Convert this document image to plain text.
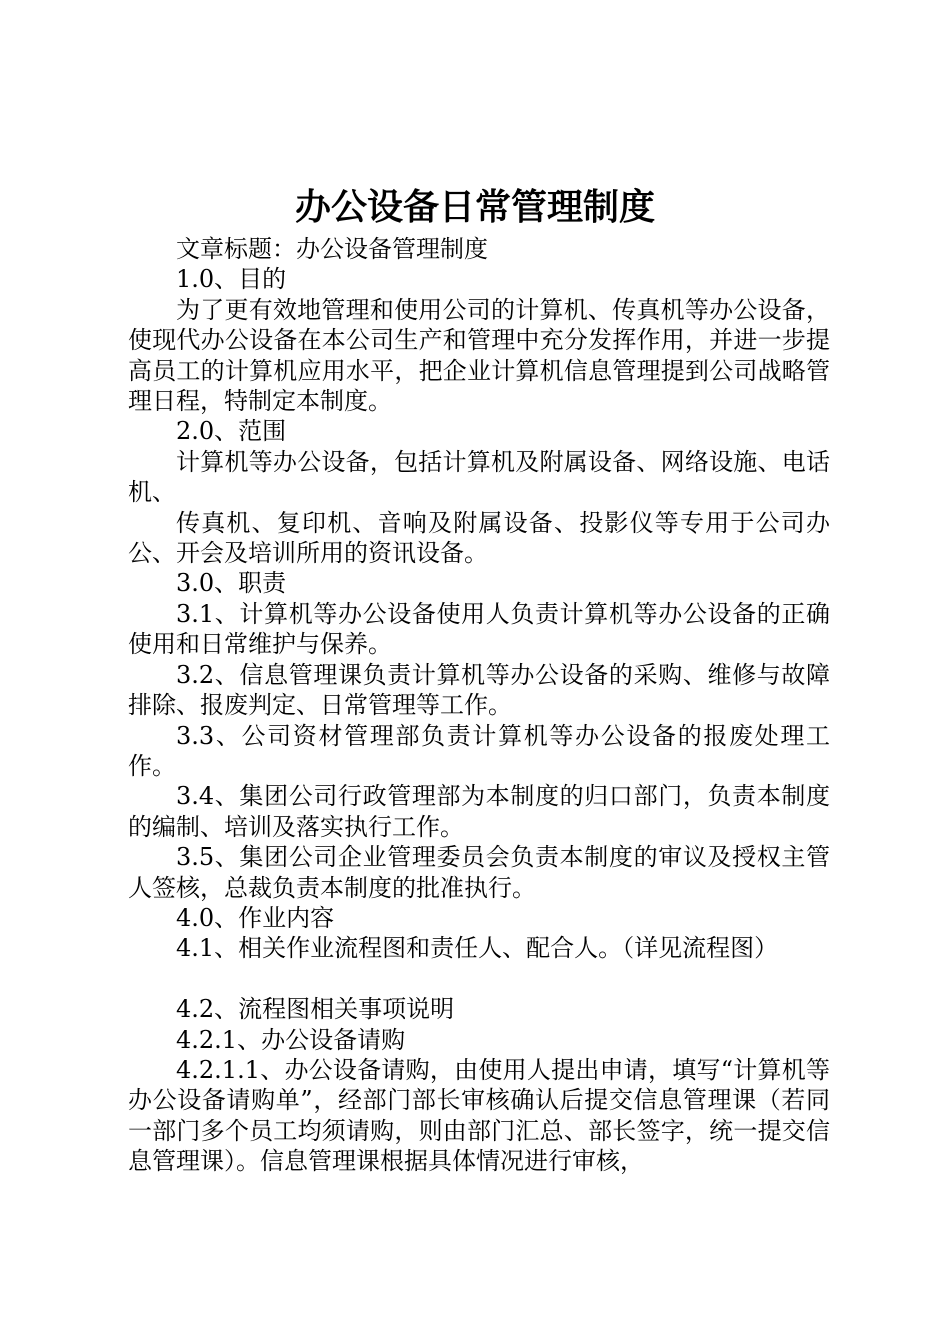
办公设备日常管理制度

文章标题：办公设备管理制度

1.0、目的

为了更有效地管理和使用公司的计算机、传真机等办公设备，使现代办公设备在本公司生产和管理中充分发挥作用，并进一步提高员工的计算机应用水平，把企业计算机信息管理提到公司战略管理日程，特制定本制度。

2.0、范围

计算机等办公设备，包括计算机及附属设备、网络设施、电话机、

传真机、复印机、音响及附属设备、投影仪等专用于公司办公、开会及培训所用的资讯设备。

3.0、职责

3.1、计算机等办公设备使用人负责计算机等办公设备的正确使用和日常维护与保养。

3.2、信息管理课负责计算机等办公设备的采购、维修与故障排除、报废判定、日常管理等工作。

3.3、公司资材管理部负责计算机等办公设备的报废处理工作。

3.4、集团公司行政管理部为本制度的归口部门，负责本制度的编制、培训及落实执行工作。

3.5、集团公司企业管理委员会负责本制度的审议及授权主管人签核，总裁负责本制度的批准执行。

4.0、作业内容

4.1、相关作业流程图和责任人、配合人。（详见流程图）

4.2、流程图相关事项说明

4.2.1、办公设备请购

4.2.1.1、办公设备请购，由使用人提出申请，填写“计算机等办公设备请购单”，经部门部长审核确认后提交信息管理课（若同一部门多个员工均须请购，则由部门汇总、部长签字，统一提交信息管理课）。信息管理课根据具体情况进行审核，
